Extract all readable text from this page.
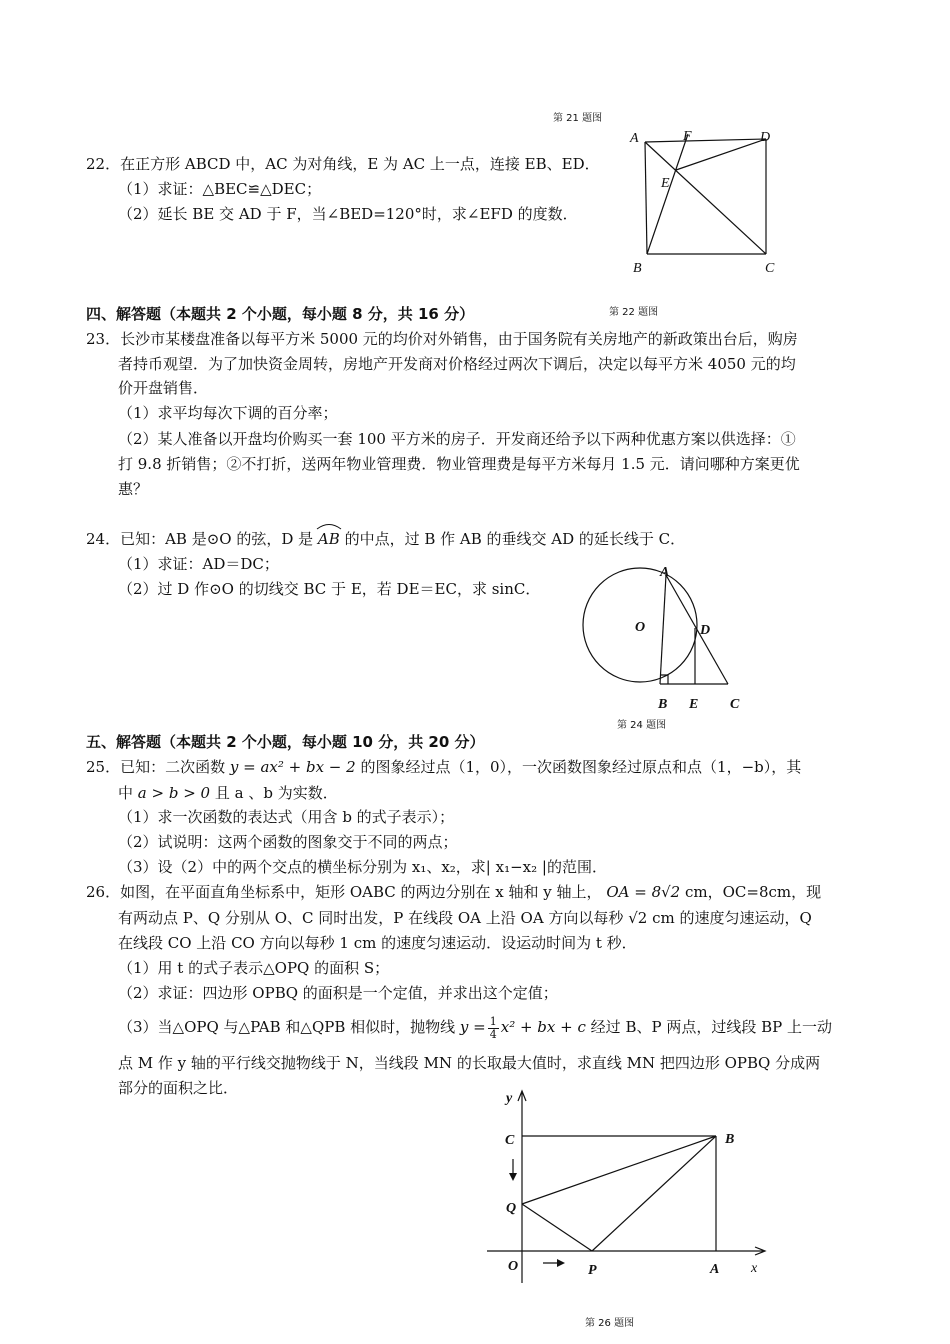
第 21 题图
第 22 题图
第 24 题图
第 26 题图
A	F	D
E
B	C
A
O	D
B E C
y
C	B
Q
O	P	A x
22．在正方形 ABCD 中，AC 为对角线，E 为 AC 上一点，连接 EB、ED．
（1）求证：△BEC≌△DEC；
（2）延长 BE 交 AD 于 F，当∠BED=120°时，求∠EFD 的度数．
四、解答题（本题共 2 个小题，每小题 8 分，共 16 分）
23．长沙市某楼盘准备以每平方米 5000 元的均价对外销售，由于国务院有关房地产的新政策出台后，购房
者持币观望．为了加快资金周转，房地产开发商对价格经过两次下调后，决定以每平方米 4050 元的均
价开盘销售．
（1）求平均每次下调的百分率；
（2）某人准备以开盘均价购买一套 100 平方米的房子．开发商还给予以下两种优惠方案以供选择：①
打 9.8 折销售；②不打折，送两年物业管理费．物业管理费是每平方米每月 1.5 元．请问哪种方案更优
惠？
24．已知：AB 是⊙O 的弦，D 是 AB 的中点，过 B 作 AB 的垂线交 AD 的延长线于 C．
（1）求证：AD＝DC；
（2）过 D 作⊙O 的切线交 BC 于 E，若 DE＝EC，求 sinC．
五、解答题（本题共 2 个小题，每小题 10 分，共 20 分）
25．已知：二次函数 y = ax² + bx − 2 的图象经过点（1，0），一次函数图象经过原点和点（1，−b），其
中 a > b > 0 且 a 、b 为实数．
（1）求一次函数的表达式（用含 b 的式子表示）；
（2）试说明：这两个函数的图象交于不同的两点；
（3）设（2）中的两个交点的横坐标分别为 x₁、x₂，求| x₁−x₂ |的范围．
26．如图，在平面直角坐标系中，矩形 OABC 的两边分别在 x 轴和 y 轴上， OA = 8√2 cm，OC=8cm，现
有两动点 P、Q 分别从 O、C 同时出发，P 在线段 OA 上沿 OA 方向以每秒 √2 cm 的速度匀速运动，Q
在线段 CO 上沿 CO 方向以每秒 1 cm 的速度匀速运动．设运动时间为 t 秒．
（1）用 t 的式子表示△OPQ 的面积 S；
（2）求证：四边形 OPBQ 的面积是一个定值，并求出这个定值；
（3）当△OPQ 与△PAB 和△QPB 相似时，抛物线 $y = \frac{1}{4} x^2$ + bx + c 经过 B、P 两点，过线段 BP 上一动
点 M 作 y 轴的平行线交抛物线于 N，当线段 MN 的长取最大值时，求直线 MN 把四边形 OPBQ 分成两
部分的面积之比．
